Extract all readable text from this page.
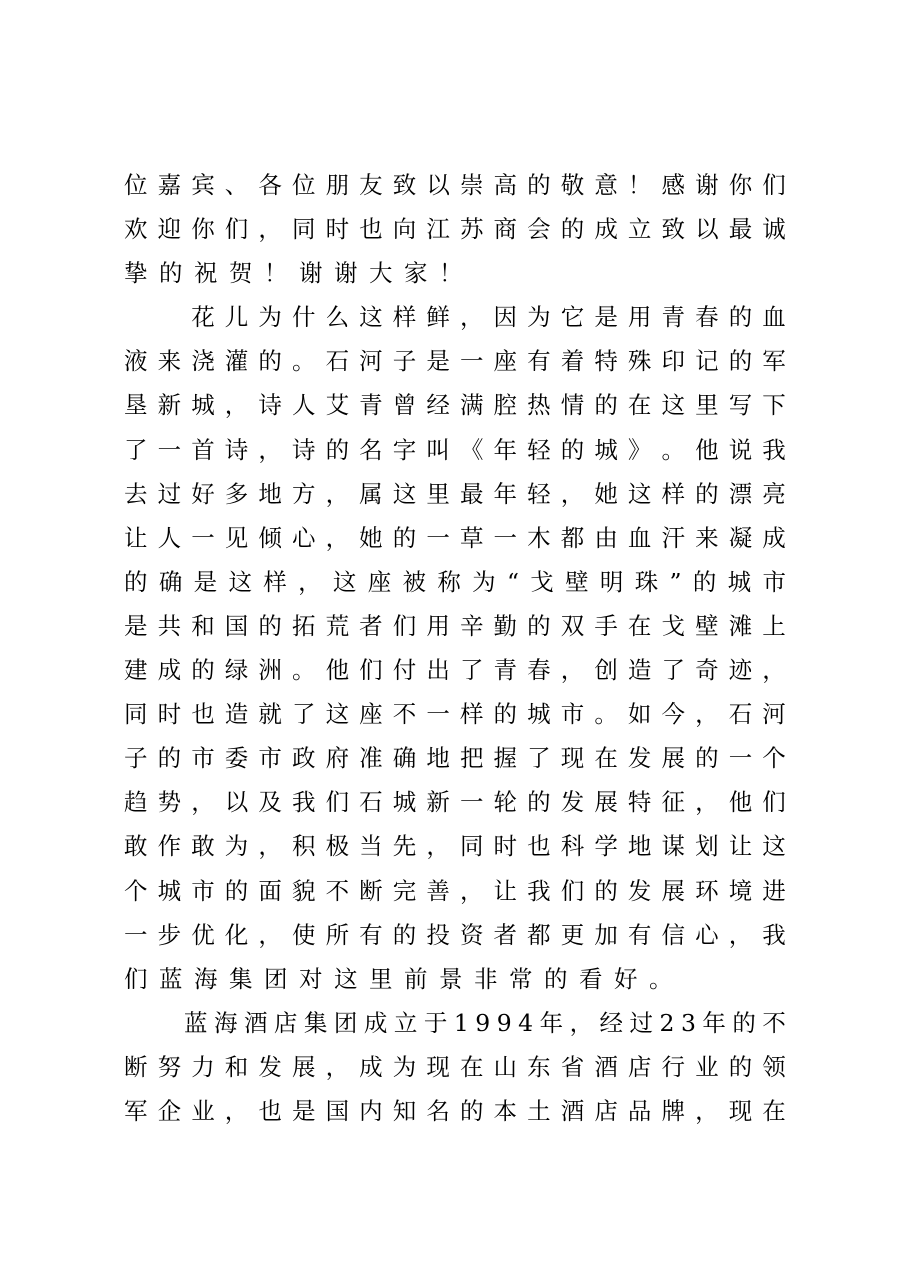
位 嘉 宾 、 各 位 朋 友 致 以 崇 高 的 敬 意 ！ 感 谢 你 们
欢 迎 你 们 ， 同 时 也 向 江 苏 商 会 的 成 立 致 以 最 诚
挚的祝贺！谢谢大家！
　　花 儿 为 什 么 这 样 鲜 ， 因 为 它 是 用 青 春 的 血
液 来 浇 灌 的 。 石 河 子 是 一 座 有 着 特 殊 印 记 的 军
垦 新 城 ， 诗 人 艾 青 曾 经 满 腔 热 情 的 在 这 里 写 下
了 一 首 诗 ， 诗 的 名 字 叫 《 年 轻 的 城 》 。 他 说 我
去 过 好 多 地 方 ， 属 这 里 最 年 轻 ， 她 这 样 的 漂 亮
让 人 一 见 倾 心 ， 她 的 一 草 一 木 都 由 血 汗 来 凝 成
的 确 是 这 样 ， 这 座 被 称 为 “ 戈 壁 明 珠 ” 的 城 市
是 共 和 国 的 拓 荒 者 们 用 辛 勤 的 双 手 在 戈 壁 滩 上
建 成 的 绿 洲 。 他 们 付 出 了 青 春 ， 创 造 了 奇 迹 ，
同 时 也 造 就 了 这 座 不 一 样 的 城 市 。 如 今 ， 石 河
子 的 市 委 市 政 府 准 确 地 把 握 了 现 在 发 展 的 一 个
趋 势 ， 以 及 我 们 石 城 新 一 轮 的 发 展 特 征 ， 他 们
敢 作 敢 为 ， 积 极 当 先 ， 同 时 也 科 学 地 谋 划 让 这
个 城 市 的 面 貌 不 断 完 善 ， 让 我 们 的 发 展 环 境 进
一 步 优 化 ， 使 所 有 的 投 资 者 都 更 加 有 信 心 ， 我
们蓝海集团对这里前景非常的看好。
　　蓝 海 酒 店 集 团 成 立 于 1 9 9 4 年 ， 经 过 2 3 年 的 不
断 努 力 和 发 展 ， 成 为 现 在 山 东 省 酒 店 行 业 的 领
军 企 业 ， 也 是 国 内 知 名 的 本 土 酒 店 品 牌 ， 现 在
